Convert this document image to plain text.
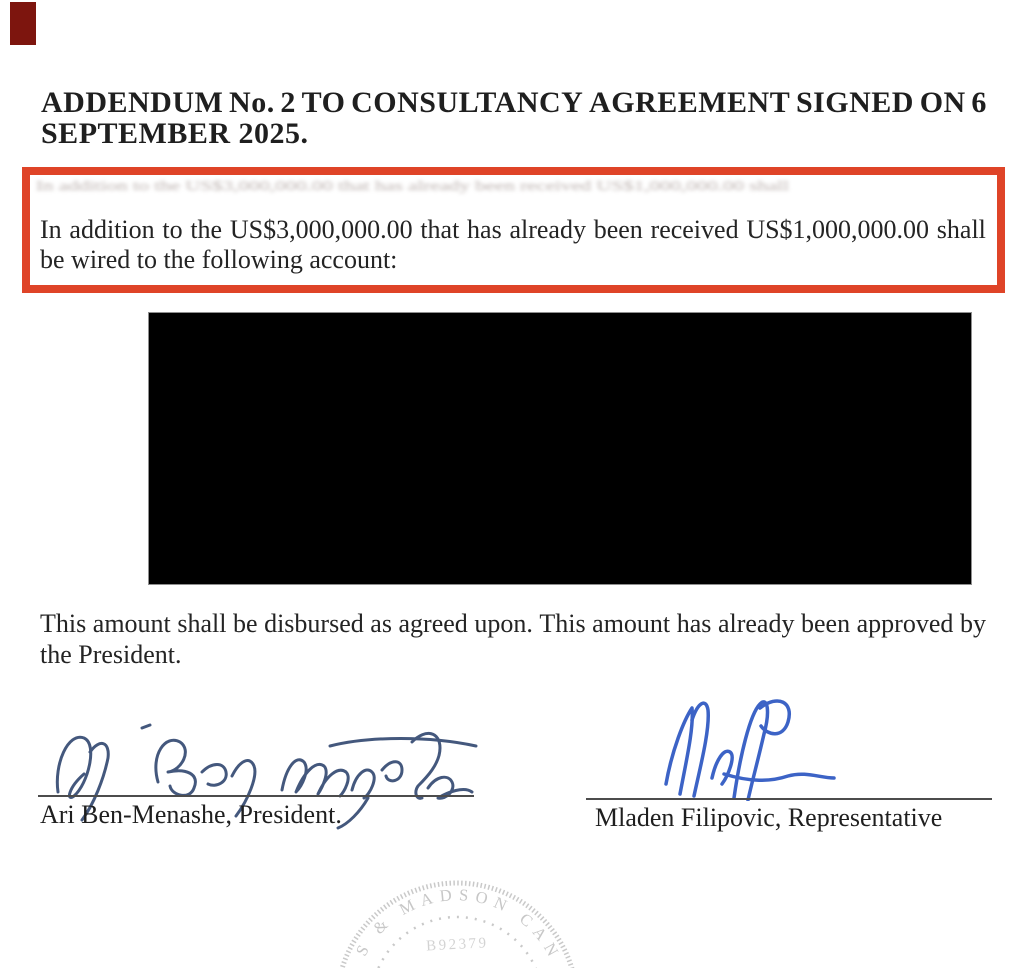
ADDENDUM No. 2 TO CONSULTANCY AGREEMENT SIGNED ON 6
SEPTEMBER 2025.
In addition to the US$3,000,000.00 that has already been received US$1,000,000.00 shall
In addition to the US$3,000,000.00 that has already been received US$1,000,000.00 shall
be wired to the following account:
This amount shall be disbursed as agreed upon. This amount has already been approved by
the President.
Ari Ben-Menashe, President.	Mladen Filipovic, Representative
S & MADSON CAN
B92379
